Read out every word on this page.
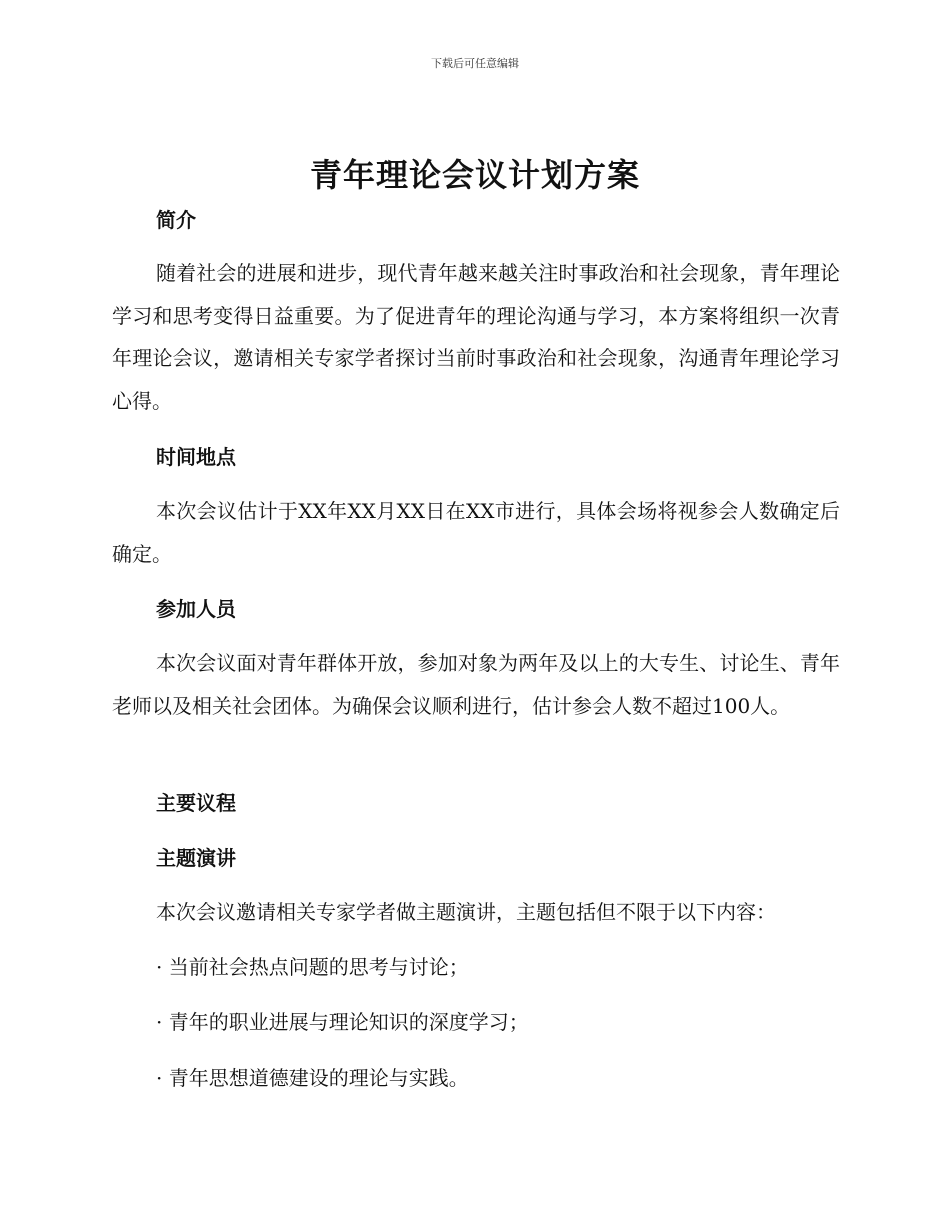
下载后可任意编辑
青年理论会议计划方案
简介
随着社会的进展和进步，现代青年越来越关注时事政治和社会现象，青年理论学习和思考变得日益重要。为了促进青年的理论沟通与学习，本方案将组织一次青年理论会议，邀请相关专家学者探讨当前时事政治和社会现象，沟通青年理论学习心得。
时间地点
本次会议估计于XX年XX月XX日在XX市进行，具体会场将视参会人数确定后确定。
参加人员
本次会议面对青年群体开放，参加对象为两年及以上的大专生、讨论生、青年老师以及相关社会团体。为确保会议顺利进行，估计参会人数不超过100人。
主要议程
主题演讲
本次会议邀请相关专家学者做主题演讲，主题包括但不限于以下内容：
· 当前社会热点问题的思考与讨论；
· 青年的职业进展与理论知识的深度学习；
· 青年思想道德建设的理论与实践。
